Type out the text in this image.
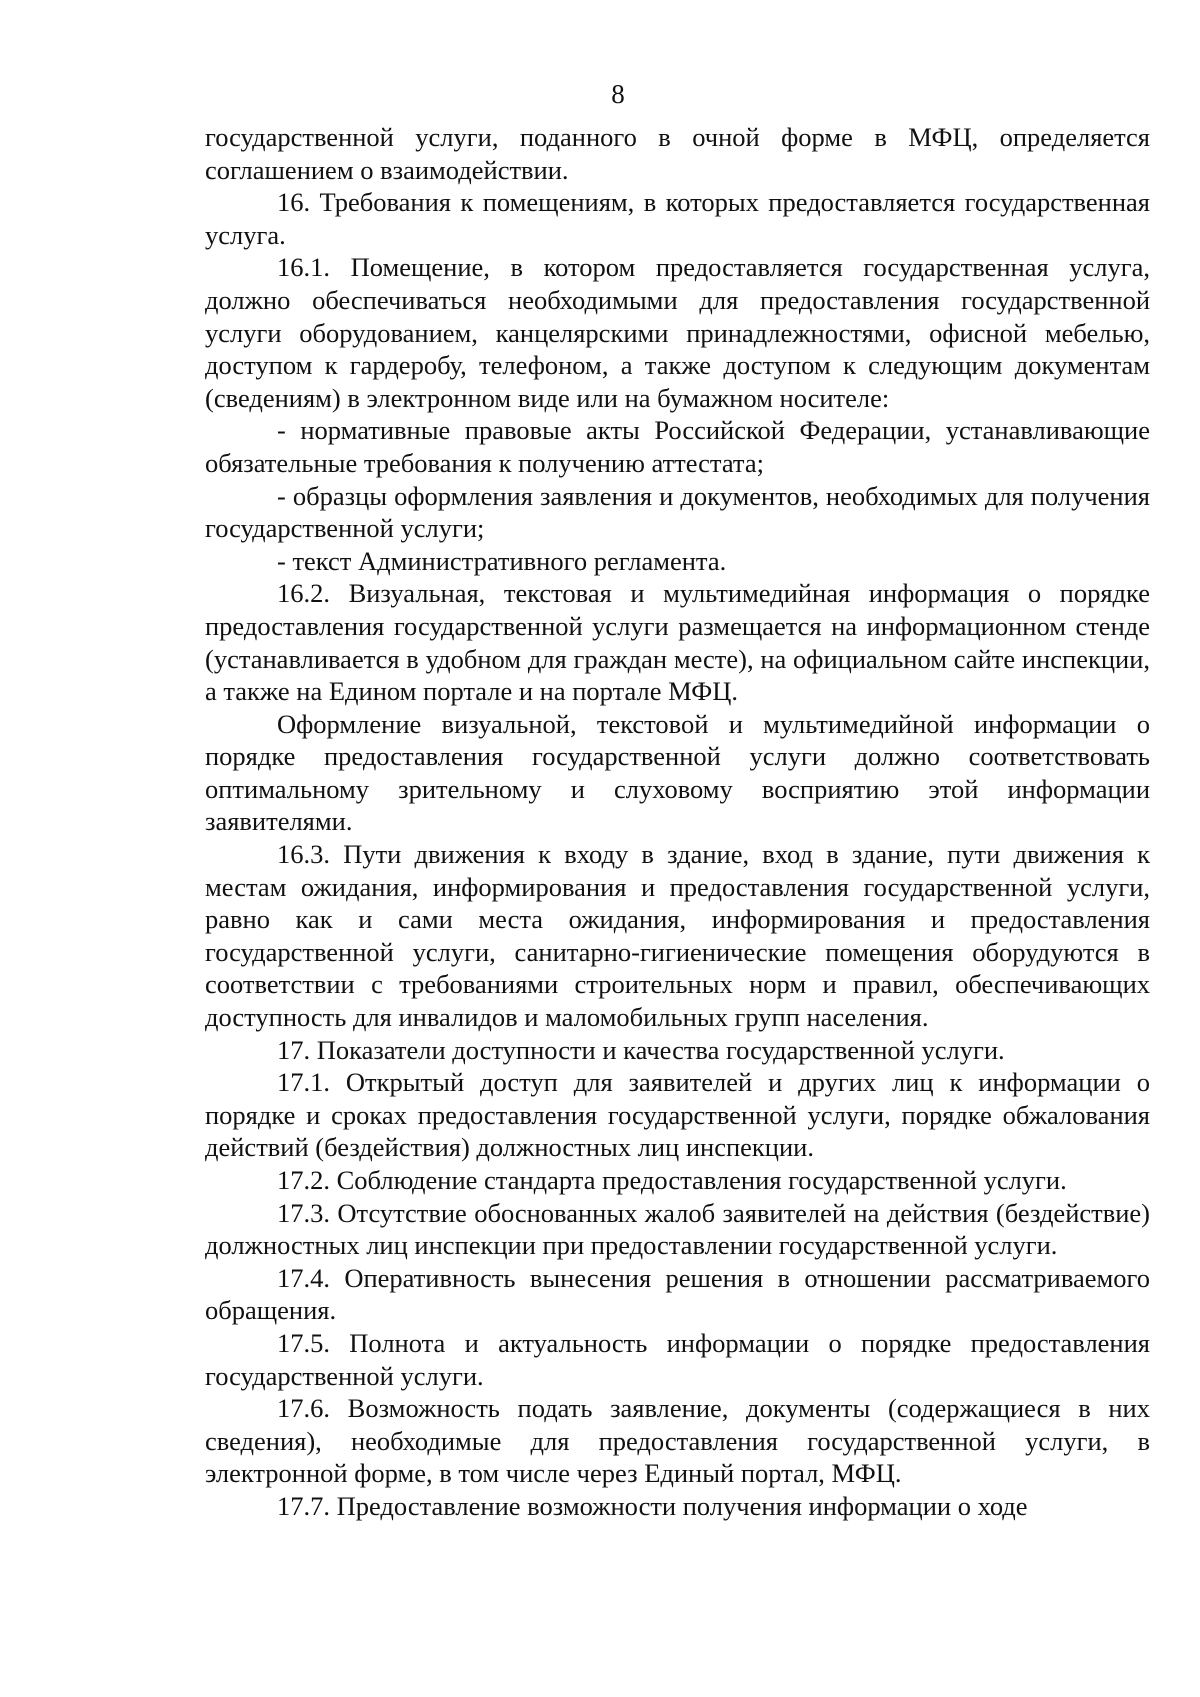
8

государственной услуги, поданного в очной форме в МФЦ, определяется соглашением о взаимодействии.

16. Требования к помещениям, в которых предоставляется государственная услуга.

16.1. Помещение, в котором предоставляется государственная услуга, должно обеспечиваться необходимыми для предоставления государственной услуги оборудованием, канцелярскими принадлежностями, офисной мебелью, доступом к гардеробу, телефоном, а также доступом к следующим документам (сведениям) в электронном виде или на бумажном носителе:

- нормативные правовые акты Российской Федерации, устанавливающие обязательные требования к получению аттестата;

- образцы оформления заявления и документов, необходимых для получения государственной услуги;

- текст Административного регламента.

16.2. Визуальная, текстовая и мультимедийная информация о порядке предоставления государственной услуги размещается на информационном стенде (устанавливается в удобном для граждан месте), на официальном сайте инспекции, а также на Едином портале и на портале МФЦ.

Оформление визуальной, текстовой и мультимедийной информации о порядке предоставления государственной услуги должно соответствовать оптимальному зрительному и слуховому восприятию этой информации заявителями.

16.3. Пути движения к входу в здание, вход в здание, пути движения к местам ожидания, информирования и предоставления государственной услуги, равно как и сами места ожидания, информирования и предоставления государственной услуги, санитарно-гигиенические помещения оборудуются в соответствии с требованиями строительных норм и правил, обеспечивающих доступность для инвалидов и маломобильных групп населения.

17. Показатели доступности и качества государственной услуги.

17.1. Открытый доступ для заявителей и других лиц к информации о порядке и сроках предоставления государственной услуги, порядке обжалования действий (бездействия) должностных лиц инспекции.

17.2. Соблюдение стандарта предоставления государственной услуги.

17.3. Отсутствие обоснованных жалоб заявителей на действия (бездействие) должностных лиц инспекции при предоставлении государственной услуги.

17.4. Оперативность вынесения решения в отношении рассматриваемого обращения.

17.5. Полнота и актуальность информации о порядке предоставления государственной услуги.

17.6. Возможность подать заявление, документы (содержащиеся в них сведения), необходимые для предоставления государственной услуги, в электронной форме, в том числе через Единый портал, МФЦ.

17.7. Предоставление возможности получения информации о ходе
